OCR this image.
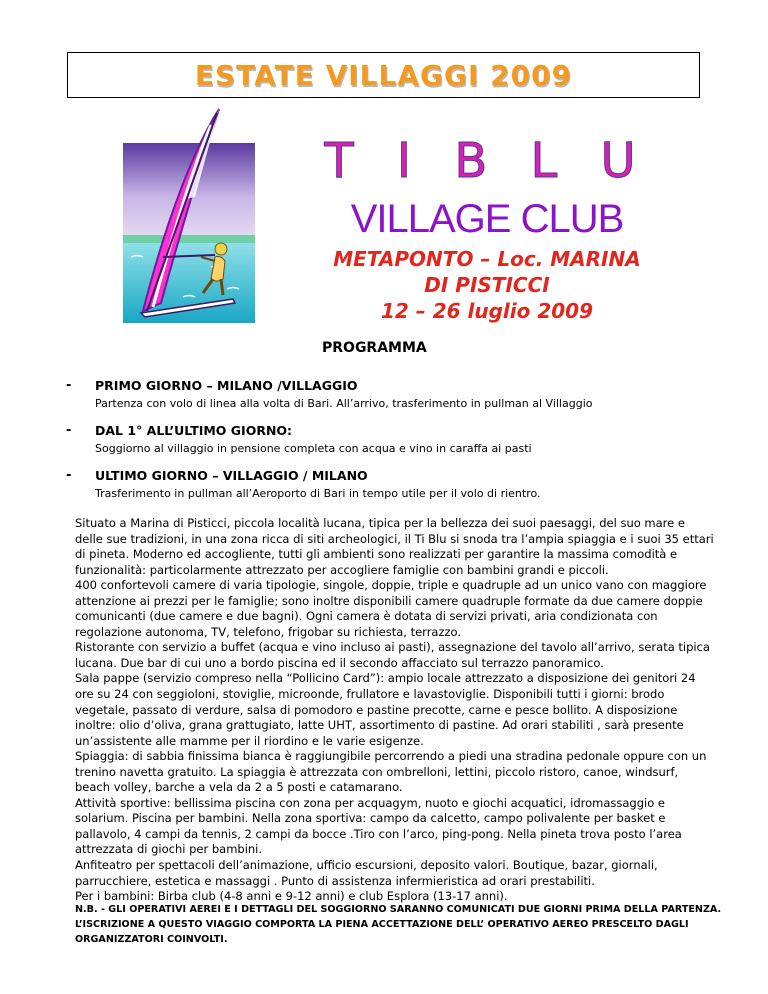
ESTATE VILLAGGI 2009
T I B L U
VILLAGE CLUB
METAPONTO – Loc. MARINA
DI PISTICCI
12 – 26 luglio 2009
PROGRAMMA
- PRIMO GIORNO – MILANO /VILLAGGIO
Partenza con volo di linea alla volta di Bari. All’arrivo, trasferimento in pullman al Villaggio
- DAL 1° ALL’ULTIMO GIORNO:
Soggiorno al villaggio in pensione completa con acqua e vino in caraffa ai pasti
- ULTIMO GIORNO – VILLAGGIO / MILANO
Trasferimento in pullman all’Aeroporto di Bari in tempo utile per il volo di rientro.

Situato a Marina di Pisticci, piccola località lucana, tipica per la bellezza dei suoi paesaggi, del suo mare e delle sue tradizioni, in una zona ricca di siti archeologici, il Ti Blu si snoda tra l’ampia spiaggia e i suoi 35 ettari di pineta. Moderno ed accogliente, tutti gli ambienti sono realizzati per garantire la massima comodità e funzionalità: particolarmente attrezzato per accogliere famiglie con bambini grandi e piccoli.

400 confortevoli camere di varia tipologie, singole, doppie, triple e quadruple ad un unico vano con maggiore attenzione ai prezzi per le famiglie; sono inoltre disponibili camere quadruple formate da due camere doppie comunicanti (due camere e due bagni). Ogni camera è dotata di servizi privati, aria condizionata con regolazione autonoma, TV, telefono, frigobar su richiesta, terrazzo.

Ristorante con servizio a buffet (acqua e vino incluso ai pasti), assegnazione del tavolo all’arrivo, serata tipica lucana. Due bar di cui uno a bordo piscina ed il secondo affacciato sul terrazzo panoramico.

Sala pappe (servizio compreso nella “Pollicino Card”): ampio locale attrezzato a disposizione dei genitori 24 ore su 24 con seggioloni, stoviglie, microonde, frullatore e lavastoviglie. Disponibili tutti i giorni: brodo vegetale, passato di verdure, salsa di pomodoro e pastine precotte, carne e pesce bollito. A disposizione inoltre: olio d’oliva, grana grattugiato, latte UHT, assortimento di pastine. Ad orari stabiliti , sarà presente un’assistente alle mamme per il riordino e le varie esigenze.

Spiaggia: di sabbia finissima bianca è raggiungibile percorrendo a piedi una stradina pedonale oppure con un trenino navetta gratuito. La spiaggia è attrezzata con ombrelloni, lettini, piccolo ristoro, canoe, windsurf, beach volley, barche a vela da 2 a 5 posti e catamarano.

Attività sportive: bellissima piscina con zona per acquagym, nuoto e giochi acquatici, idromassaggio e solarium. Piscina per bambini. Nella zona sportiva: campo da calcetto, campo polivalente per basket e pallavolo, 4 campi da tennis, 2 campi da bocce .Tiro con l’arco, ping-pong. Nella pineta trova posto l’area attrezzata di giochi per bambini.

Anfiteatro per spettacoli dell’animazione, ufficio escursioni, deposito valori. Boutique, bazar, giornali, parrucchiere, estetica e massaggi . Punto di assistenza infermieristica ad orari prestabiliti.

Per i bambini: Birba club (4-8 anni e 9-12 anni) e club Esplora (13-17 anni).

N.B. - GLI OPERATIVI AEREI E I DETTAGLI DEL SOGGIORNO SARANNO COMUNICATI DUE GIORNI PRIMA DELLA PARTENZA. L’ISCRIZIONE A QUESTO VIAGGIO COMPORTA LA PIENA ACCETTAZIONE DELL’ OPERATIVO AEREO PRESCELTO DAGLI ORGANIZZATORI COINVOLTI.
